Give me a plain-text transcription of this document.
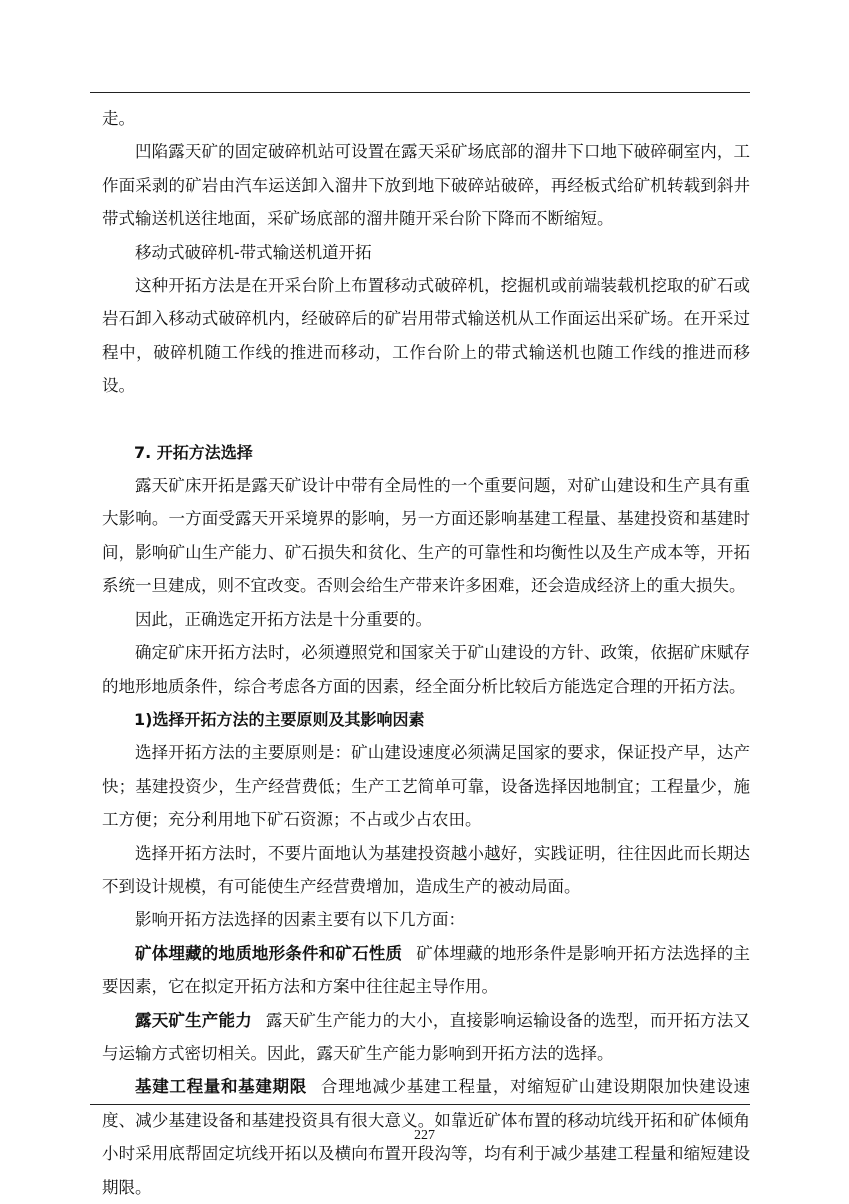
走。

凹陷露天矿的固定破碎机站可设置在露天采矿场底部的溜井下口地下破碎硐室内，工作面采剥的矿岩由汽车运送卸入溜井下放到地下破碎站破碎，再经板式给矿机转载到斜井带式输送机送往地面，采矿场底部的溜井随开采台阶下降而不断缩短。

移动式破碎机-带式输送机道开拓

这种开拓方法是在开采台阶上布置移动式破碎机，挖掘机或前端装载机挖取的矿石或岩石卸入移动式破碎机内，经破碎后的矿岩用带式输送机从工作面运出采矿场。在开采过程中，破碎机随工作线的推进而移动，工作台阶上的带式输送机也随工作线的推进而移设。

7. 开拓方法选择

露天矿床开拓是露天矿设计中带有全局性的一个重要问题，对矿山建设和生产具有重大影响。一方面受露天开采境界的影响，另一方面还影响基建工程量、基建投资和基建时间，影响矿山生产能力、矿石损失和贫化、生产的可靠性和均衡性以及生产成本等，开拓系统一旦建成，则不宜改变。否则会给生产带来许多困难，还会造成经济上的重大损失。

因此，正确选定开拓方法是十分重要的。

确定矿床开拓方法时，必须遵照党和国家关于矿山建设的方针、政策，依据矿床赋存的地形地质条件，综合考虑各方面的因素，经全面分析比较后方能选定合理的开拓方法。

1)选择开拓方法的主要原则及其影响因素

选择开拓方法的主要原则是：矿山建设速度必须满足国家的要求，保证投产早，达产快；基建投资少，生产经营费低；生产工艺简单可靠，设备选择因地制宜；工程量少，施工方便；充分利用地下矿石资源；不占或少占农田。

选择开拓方法时，不要片面地认为基建投资越小越好，实践证明，往往因此而长期达不到设计规模，有可能使生产经营费增加，造成生产的被动局面。

影响开拓方法选择的因素主要有以下几方面：

矿体埋藏的地质地形条件和矿石性质 矿体埋藏的地形条件是影响开拓方法选择的主要因素，它在拟定开拓方法和方案中往往起主导作用。

露天矿生产能力 露天矿生产能力的大小，直接影响运输设备的选型，而开拓方法又与运输方式密切相关。因此，露天矿生产能力影响到开拓方法的选择。

基建工程量和基建期限 合理地减少基建工程量，对缩短矿山建设期限加快建设速度、减少基建设备和基建投资具有很大意义。如靠近矿体布置的移动坑线开拓和矿体倾角小时采用底帮固定坑线开拓以及横向布置开段沟等，均有利于减少基建工程量和缩短建设期限。

227
